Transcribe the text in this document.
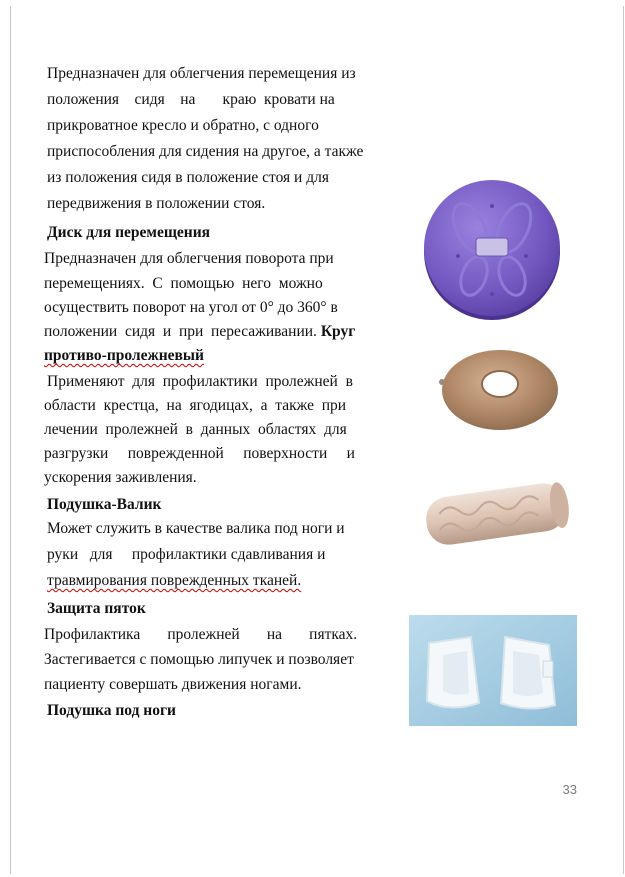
Предназначен для облегчения перемещения из

положения    сидя    на       краю  кровати на

прикроватное кресло и обратно, с одного

приспособления для сидения на другое, а также

из положения сидя в положение стоя и для

передвижения в положении стоя.

Диск для перемещения

Предназначен для облегчения поворота при

перемещениях.  С  помощью  него  можно

осуществить поворот на угол от 0° до 360° в

положении  сидя  и  при  пересаживании. Круг

противо-пролежневый

Применяют  для  профилактики  пролежней  в

области  крестца,  на  ягодицах,  а  также  при

лечении  пролежней  в  данных  областях  для

разгрузки     поврежденной     поверхности     и

ускорения заживления.

Подушка-Валик

Может служить в качестве валика под ноги и

руки   для     профилактики сдавливания и

травмирования поврежденных тканей.

Защита пяток

Профилактика       пролежней       на       пятках.

Застегивается с помощью липучек и позволяет

пациенту совершать движения ногами.

Подушка под ноги

33
